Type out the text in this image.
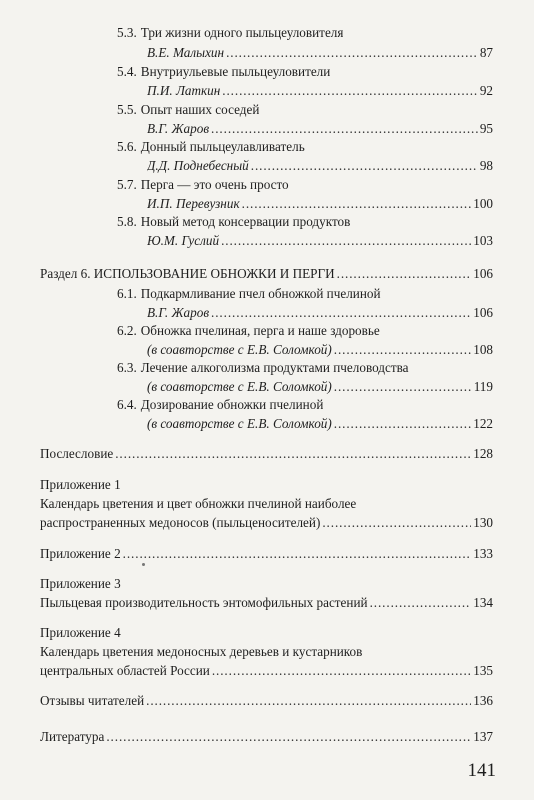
5.3. Три жизни одного пыльцеуловителя
В.Е. Малыхин . . .	87
5.4. Внутриульевые пыльцеуловители
П.И. Латкин . . .	92
5.5. Опыт наших соседей
В.Г. Жаров . . .	95
5.6. Донный пыльцеулавливатель
Д.Д. Поднебесный . . .	98
5.7. Перга — это очень просто
И.П. Перевузник . . .	100
5.8. Новый метод консервации продуктов
Ю.М. Гуслий . . .	103
Раздел 6. ИСПОЛЬЗОВАНИЕ ОБНОЖКИ И ПЕРГИ . . .	106
6.1. Подкармливание пчел обножкой пчелиной
В.Г. Жаров . . .	106
6.2. Обножка пчелиная, перга и наше здоровье
(в соавторстве с Е.В. Соломкой) . . .	108
6.3. Лечение алкоголизма продуктами пчеловодства
(в соавторстве с Е.В. Соломкой) . . .	119
6.4. Дозирование обножки пчелиной
(в соавторстве с Е.В. Соломкой) . . .	122
Послесловие . . .	128
Приложение 1
Календарь цветения и цвет обножки пчелиной наиболее
распространенных медоносов (пыльценосителей) . . .	130
Приложение 2 . . .	133
Приложение 3
Пыльцевая производительность энтомофильных растений . . .	134
Приложение 4
Календарь цветения медоносных деревьев и кустарников
центральных областей России . . .	135
Отзывы читателей . . .	136
Литература . . .	137
141
